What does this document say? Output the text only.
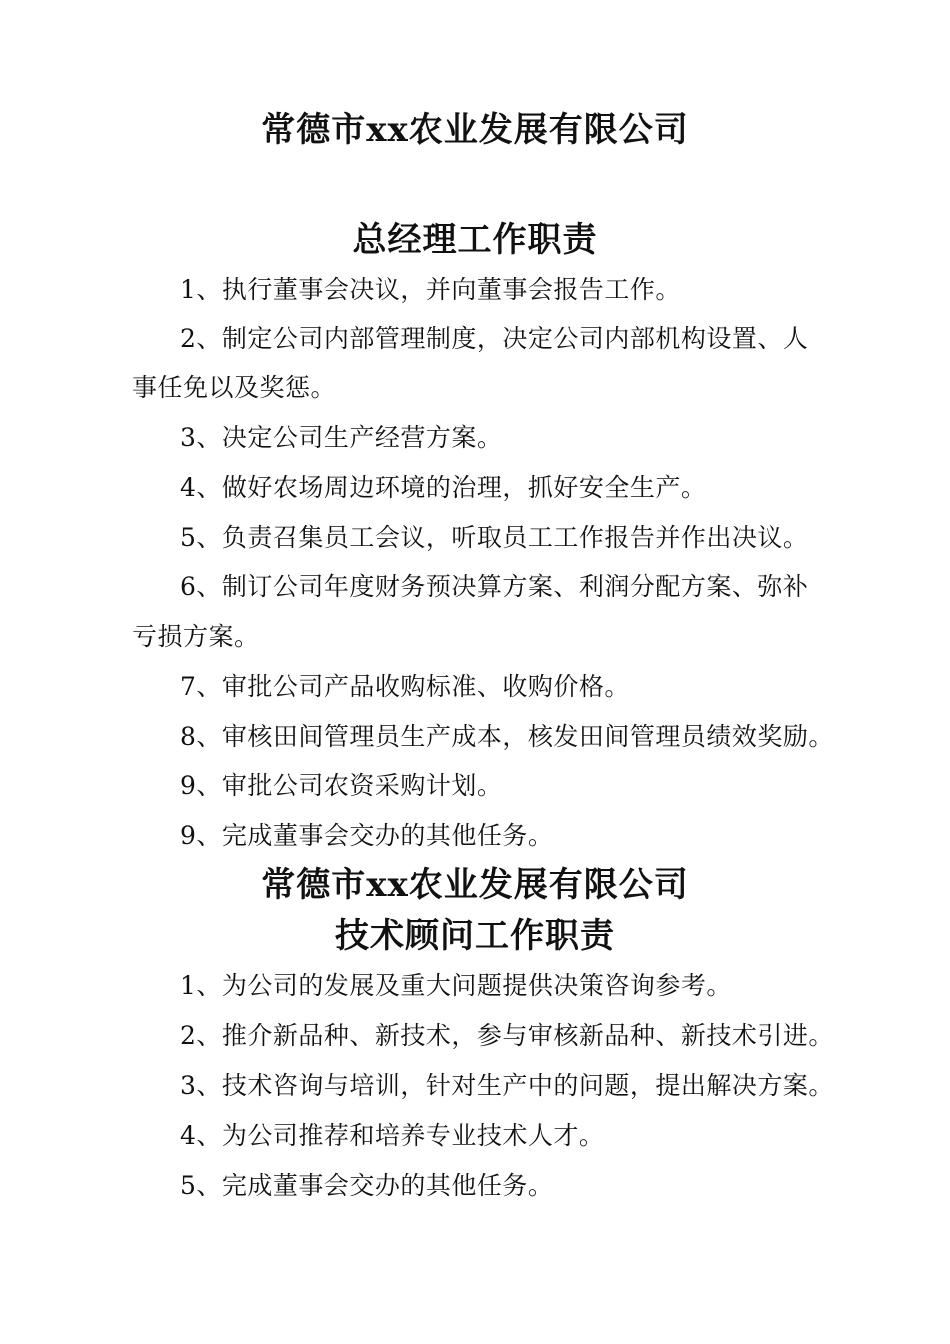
常德市xx农业发展有限公司
总经理工作职责
1、执行董事会决议，并向董事会报告工作。
2、制定公司内部管理制度，决定公司内部机构设置、人
事任免以及奖惩。
3、决定公司生产经营方案。
4、做好农场周边环境的治理，抓好安全生产。
5、负责召集员工会议，听取员工工作报告并作出决议。
6、制订公司年度财务预决算方案、利润分配方案、弥补
亏损方案。
7、审批公司产品收购标准、收购价格。
8、审核田间管理员生产成本，核发田间管理员绩效奖励。
9、审批公司农资采购计划。
9、完成董事会交办的其他任务。
常德市xx农业发展有限公司
技术顾问工作职责
1、为公司的发展及重大问题提供决策咨询参考。
2、推介新品种、新技术，参与审核新品种、新技术引进。
3、技术咨询与培训，针对生产中的问题，提出解决方案。
4、为公司推荐和培养专业技术人才。
5、完成董事会交办的其他任务。
